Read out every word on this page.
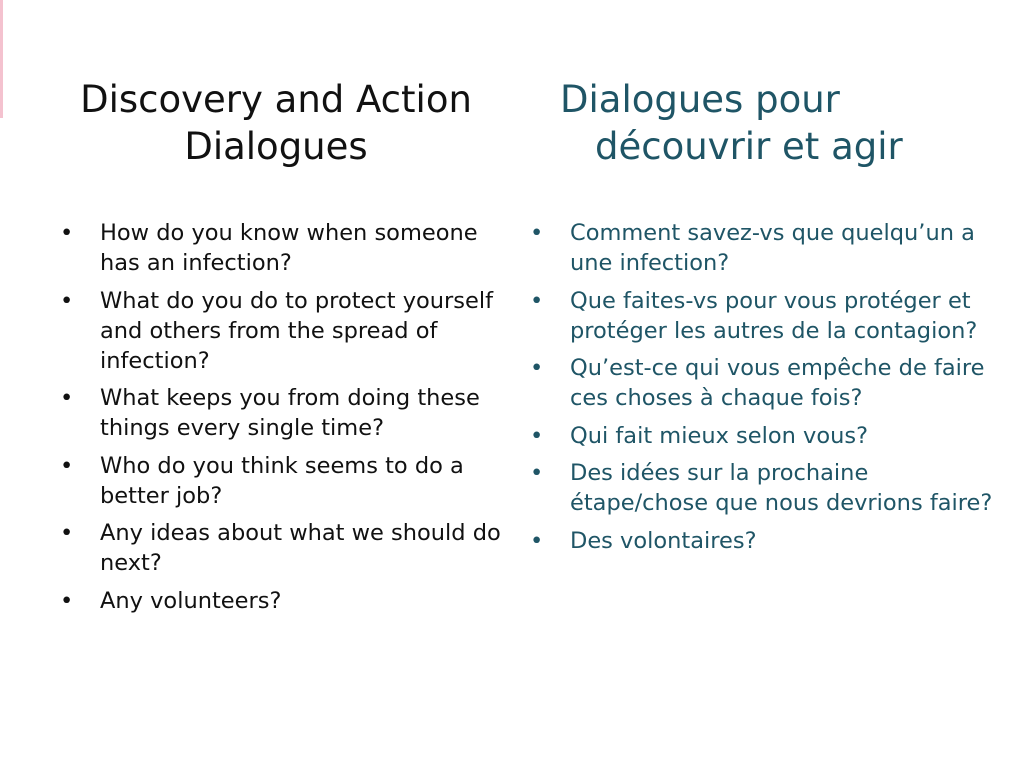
Discovery and Action
Dialogues
Dialogues pour
découvrir et agir
• How do you know when someone has an infection?
• What do you do to protect yourself and others from the spread of infection?
• What keeps you from doing these things every single time?
• Who do you think seems to do a better job?
• Any ideas about what we should do next?
• Any volunteers?
• Comment savez-vs que quelqu’un a une infection?
• Que faites-vs pour vous protéger et protéger les autres de la contagion?
• Qu’est-ce qui vous empêche de faire ces choses à chaque fois?
• Qui fait mieux selon vous?
• Des idées sur la prochaine étape/chose que nous devrions faire?
• Des volontaires?
